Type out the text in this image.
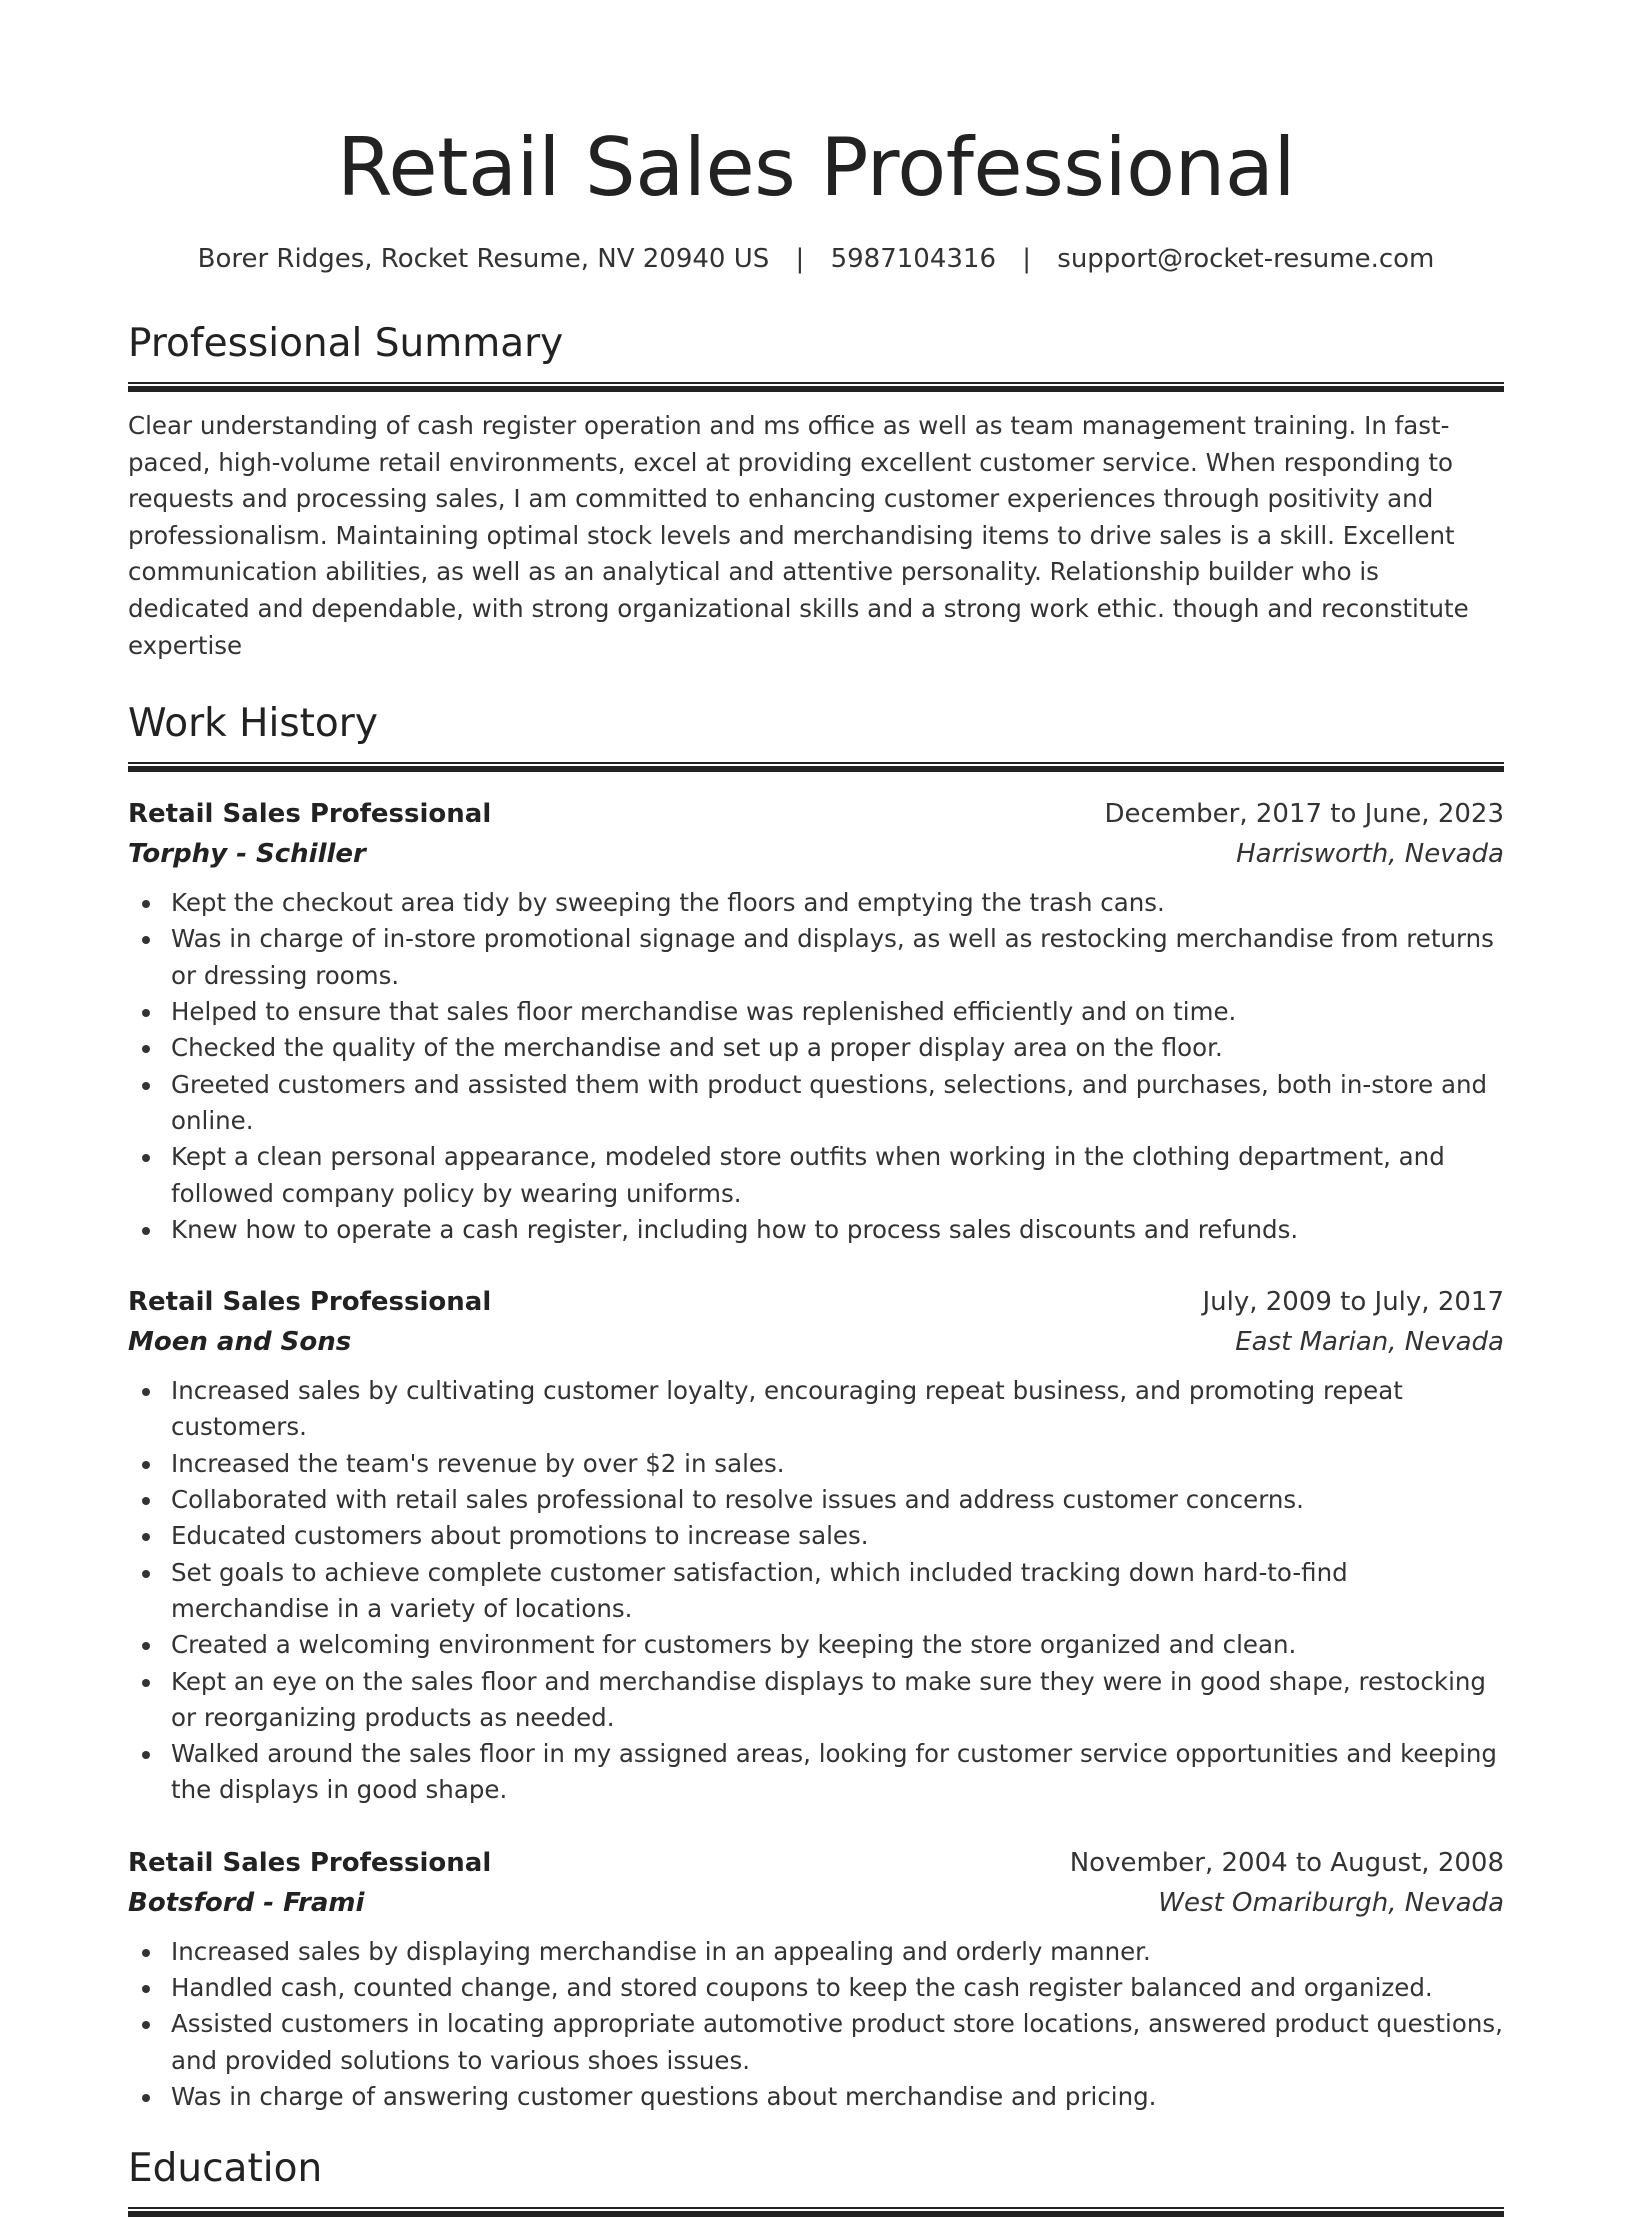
Retail Sales Professional
Borer Ridges, Rocket Resume, NV 20940 US | 5987104316 | support@rocket-resume.com
Professional Summary

Clear understanding of cash register operation and ms office as well as team management training. In fast-paced, high-volume retail environments, excel at providing excellent customer service. When responding to requests and processing sales, I am committed to enhancing customer experiences through positivity and professionalism. Maintaining optimal stock levels and merchandising items to drive sales is a skill. Excellent communication abilities, as well as an analytical and attentive personality. Relationship builder who is dedicated and dependable, with strong organizational skills and a strong work ethic. though and reconstitute expertise

Work History
Retail Sales Professional	December, 2017 to June, 2023
Torphy - Schiller	Harrisworth, Nevada
Kept the checkout area tidy by sweeping the floors and emptying the trash cans.
Was in charge of in-store promotional signage and displays, as well as restocking merchandise from returns or dressing rooms.
Helped to ensure that sales floor merchandise was replenished efficiently and on time.
Checked the quality of the merchandise and set up a proper display area on the floor.
Greeted customers and assisted them with product questions, selections, and purchases, both in-store and online.
Kept a clean personal appearance, modeled store outfits when working in the clothing department, and followed company policy by wearing uniforms.
Knew how to operate a cash register, including how to process sales discounts and refunds.
Retail Sales Professional	July, 2009 to July, 2017
Moen and Sons	East Marian, Nevada
Increased sales by cultivating customer loyalty, encouraging repeat business, and promoting repeat customers.
Increased the team's revenue by over $2 in sales.
Collaborated with retail sales professional to resolve issues and address customer concerns.
Educated customers about promotions to increase sales.
Set goals to achieve complete customer satisfaction, which included tracking down hard-to-find merchandise in a variety of locations.
Created a welcoming environment for customers by keeping the store organized and clean.
Kept an eye on the sales floor and merchandise displays to make sure they were in good shape, restocking or reorganizing products as needed.
Walked around the sales floor in my assigned areas, looking for customer service opportunities and keeping the displays in good shape.
Retail Sales Professional	November, 2004 to August, 2008
Botsford - Frami	West Omariburgh, Nevada
Increased sales by displaying merchandise in an appealing and orderly manner.
Handled cash, counted change, and stored coupons to keep the cash register balanced and organized.
Assisted customers in locating appropriate automotive product store locations, answered product questions, and provided solutions to various shoes issues.
Was in charge of answering customer questions about merchandise and pricing.
Education
